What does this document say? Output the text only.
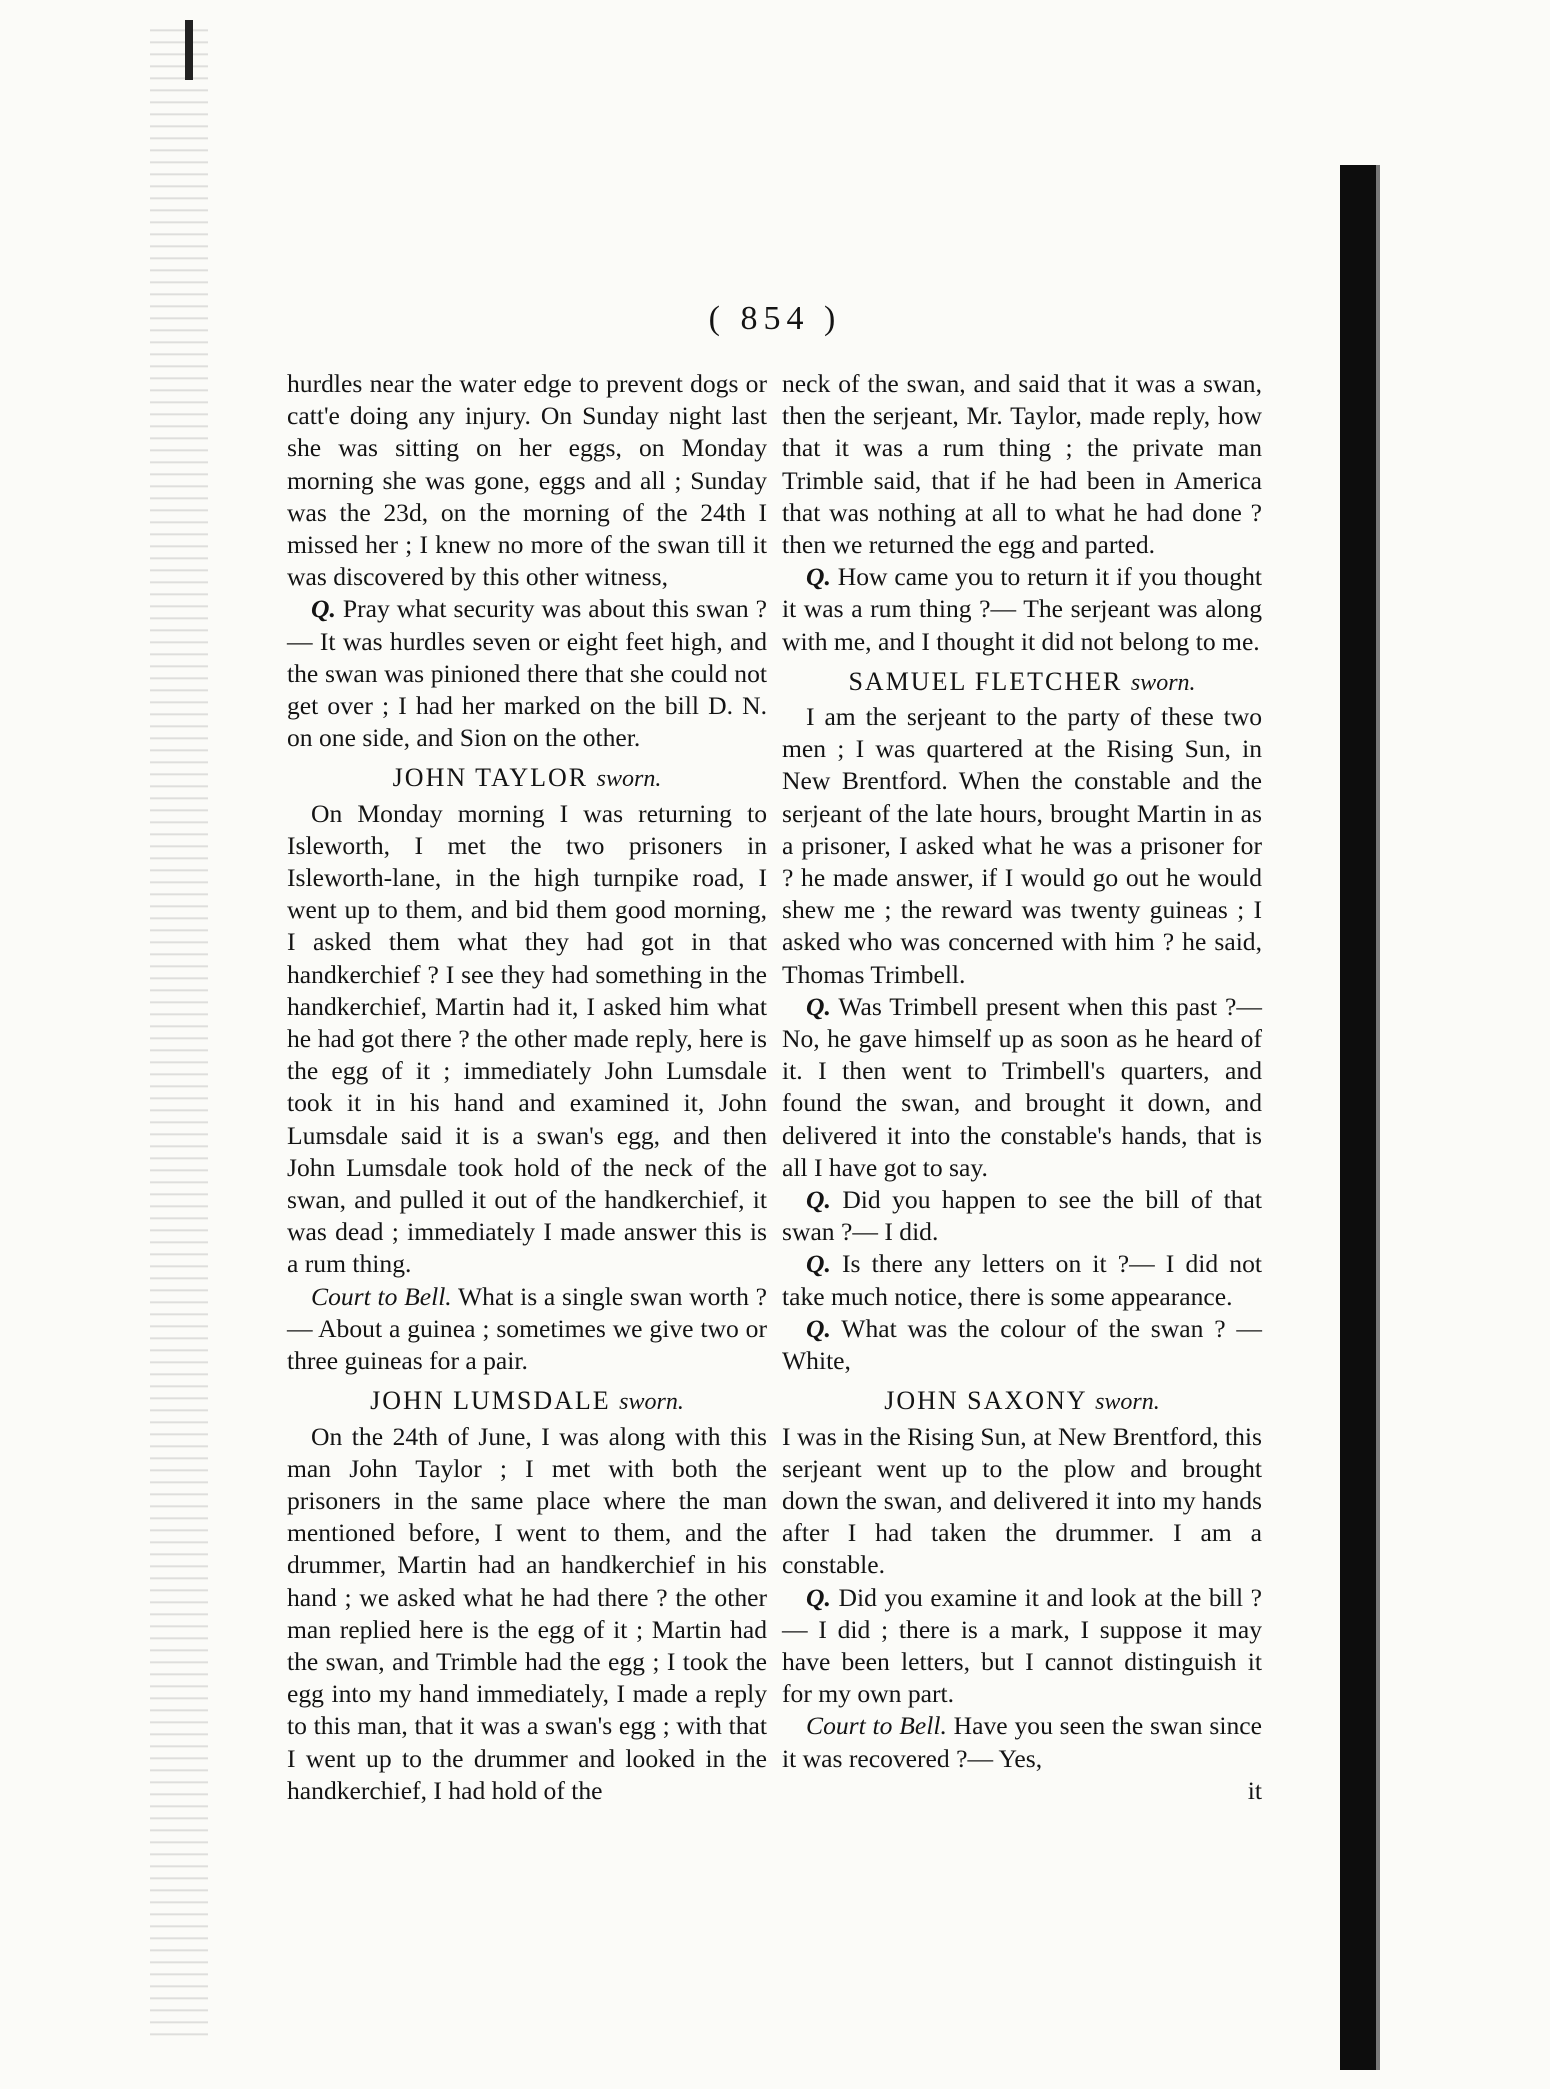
( 854 )

hurdles near the water edge to prevent dogs or catt'e doing any injury. On Sunday night last she was sitting on her eggs, on Monday morning she was gone, eggs and all ; Sunday was the 23d, on the morning of the 24th I missed her ; I knew no more of the swan till it was discovered by this other witness,

Q. Pray what security was about this swan ?— It was hurdles seven or eight feet high, and the swan was pinioned there that she could not get over ; I had her marked on the bill D. N. on one side, and Sion on the other.

JOHN TAYLOR sworn.

On Monday morning I was returning to Isleworth, I met the two prisoners in Isleworth-lane, in the high turnpike road, I went up to them, and bid them good morning, I asked them what they had got in that handkerchief ? I see they had something in the handkerchief, Martin had it, I asked him what he had got there ? the other made reply, here is the egg of it ; immediately John Lumsdale took it in his hand and examined it, John Lumsdale said it is a swan's egg, and then John Lumsdale took hold of the neck of the swan, and pulled it out of the handkerchief, it was dead ; immediately I made answer this is a rum thing.

Court to Bell. What is a single swan worth ?— About a guinea ; sometimes we give two or three guineas for a pair.

JOHN LUMSDALE sworn.

On the 24th of June, I was along with this man John Taylor ; I met with both the prisoners in the same place where the man mentioned before, I went to them, and the drummer, Martin had an handkerchief in his hand ; we asked what he had there ? the other man replied here is the egg of it ; Martin had the swan, and Trimble had the egg ; I took the egg into my hand immediately, I made a reply to this man, that it was a swan's egg ; with that I went up to the drummer and looked in the handkerchief, I had hold of the

neck of the swan, and said that it was a swan, then the serjeant, Mr. Taylor, made reply, how that it was a rum thing ; the private man Trimble said, that if he had been in America that was nothing at all to what he had done ? then we returned the egg and parted.

Q. How came you to return it if you thought it was a rum thing ?— The serjeant was along with me, and I thought it did not belong to me.

SAMUEL FLETCHER sworn.

I am the serjeant to the party of these two men ; I was quartered at the Rising Sun, in New Brentford. When the constable and the serjeant of the late hours, brought Martin in as a prisoner, I asked what he was a prisoner for ? he made answer, if I would go out he would shew me ; the reward was twenty guineas ; I asked who was concerned with him ? he said, Thomas Trimbell.

Q. Was Trimbell present when this past ?— No, he gave himself up as soon as he heard of it. I then went to Trimbell's quarters, and found the swan, and brought it down, and delivered it into the constable's hands, that is all I have got to say.

Q. Did you happen to see the bill of that swan ?— I did.

Q. Is there any letters on it ?— I did not take much notice, there is some appearance.

Q. What was the colour of the swan ? — White,

JOHN SAXONY sworn.

I was in the Rising Sun, at New Brentford, this serjeant went up to the plow and brought down the swan, and delivered it into my hands after I had taken the drummer. I am a constable.

Q. Did you examine it and look at the bill ?— I did ; there is a mark, I suppose it may have been letters, but I cannot distinguish it for my own part.

Court to Bell. Have you seen the swan since it was recovered ?— Yes,

it
